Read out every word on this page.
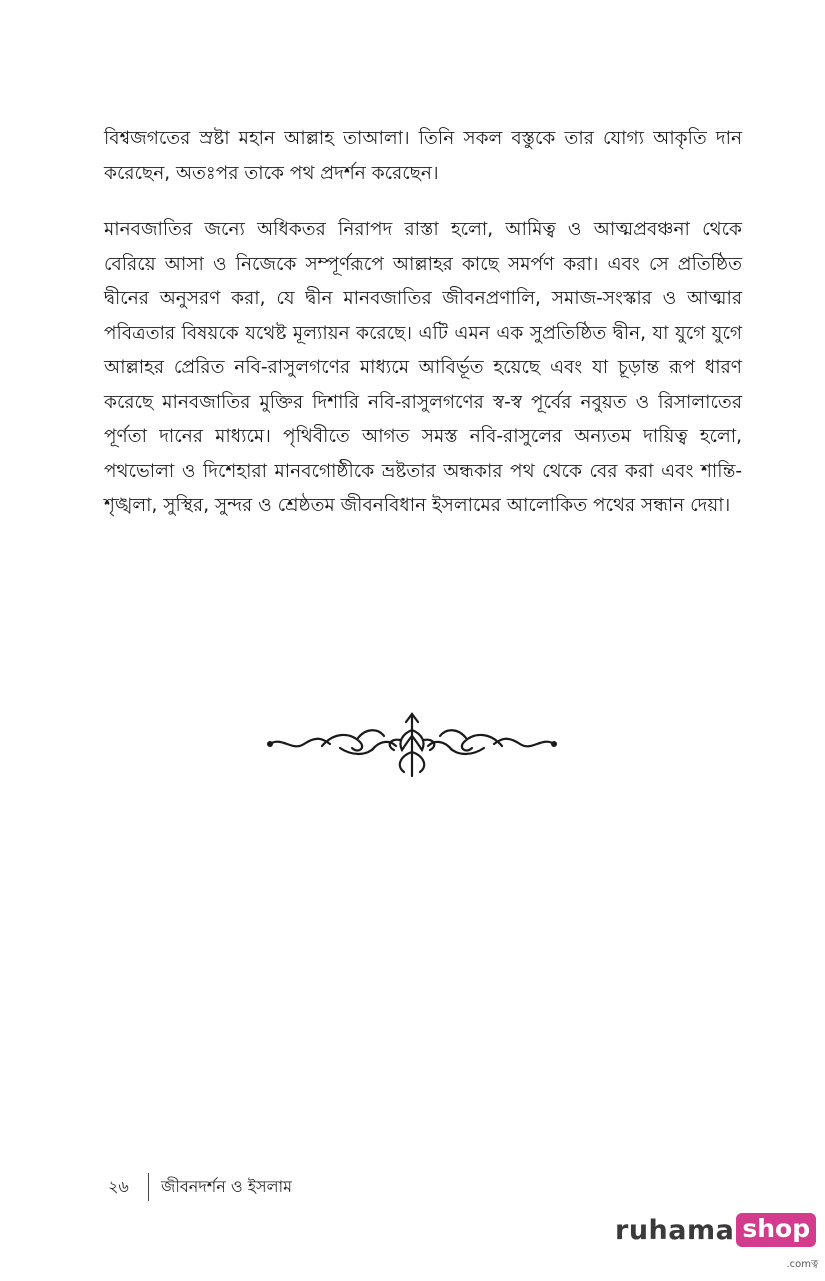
বিশ্বজগতের স্রষ্টা মহান আল্লাহ তাআলা। তিনি সকল বস্তুকে তার যোগ্য আকৃতি দান করেছেন, অতঃপর তাকে পথ প্রদর্শন করেছেন।

মানবজাতির জন্যে অধিকতর নিরাপদ রাস্তা হলো, আমিত্ব ও আত্মপ্রবঞ্চনা থেকে বেরিয়ে আসা ও নিজেকে সম্পূর্ণরূপে আল্লাহর কাছে সমর্পণ করা। এবং সে প্রতিষ্ঠিত দ্বীনের অনুসরণ করা, যে দ্বীন মানবজাতির জীবনপ্রণালি, সমাজ-সংস্কার ও আত্মার পবিত্রতার বিষয়কে যথেষ্ট মূল্যায়ন করেছে। এটি এমন এক সুপ্রতিষ্ঠিত দ্বীন, যা যুগে যুগে আল্লাহর প্রেরিত নবি-রাসুলগণের মাধ্যমে আবির্ভূত হয়েছে এবং যা চূড়ান্ত রূপ ধারণ করেছে মানবজাতির মুক্তির দিশারি নবি-রাসুলগণের স্ব-স্ব পূর্বের নবুয়ত ও রিসালাতের পূর্ণতা দানের মাধ্যমে। পৃথিবীতে আগত সমস্ত নবি-রাসুলের অন্যতম দায়িত্ব হলো, পথভোলা ও দিশেহারা মানবগোষ্ঠীকে ভ্রষ্টতার অন্ধকার পথ থেকে বের করা এবং শান্তি-শৃঙ্খলা, সুস্থির, সুন্দর ও শ্রেষ্ঠতম জীবনবিধান ইসলামের আলোকিত পথের সন্ধান দেয়া।

২৬	জীবনদর্শন ও ইসলাম
ruhama shop
.comত্ব
